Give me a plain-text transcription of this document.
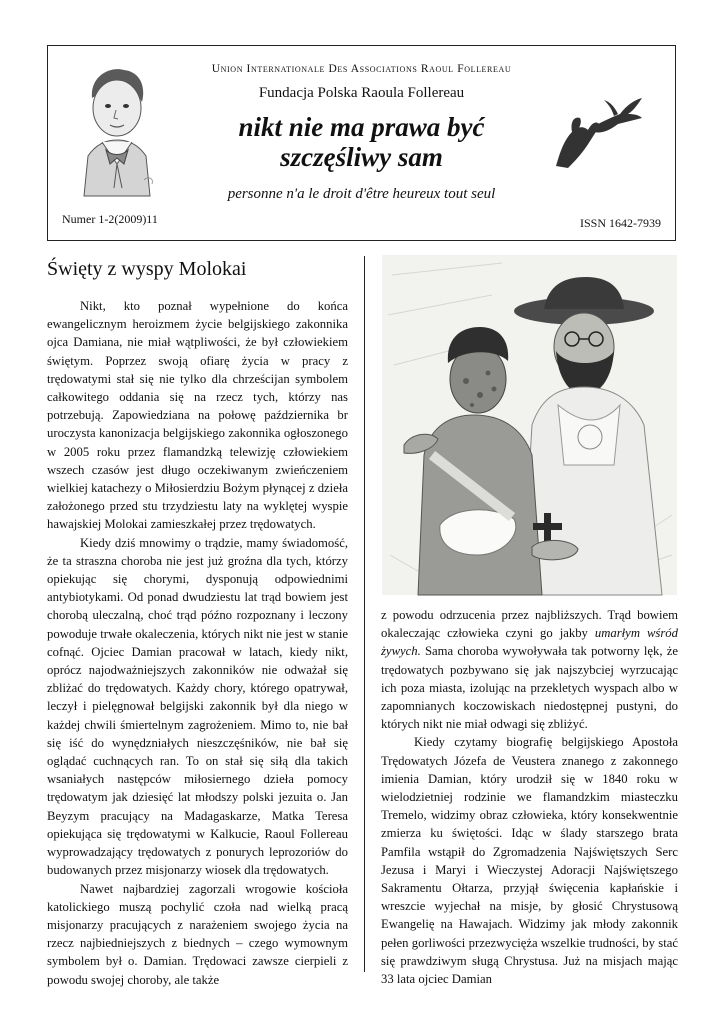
Union Internationale Des Associations Raoul Follereau
Fundacja Polska Raoula Follereau
nikt nie ma prawa być
szczęśliwy sam
personne n'a le droit d'être heureux tout seul
Numer 1-2(2009)11	ISSN 1642-7939
Święty z wyspy Molokai

Nikt, kto poznał wypełnione do końca ewangelicznym heroizmem życie belgijskiego zakonnika ojca Damiana, nie miał wątpliwości, że był człowiekiem świętym. Poprzez swoją ofiarę życia w pracy z trędowatymi stał się nie tylko dla chrześcijan symbolem całkowitego oddania się na rzecz tych, którzy nas potrzebują. Zapowiedziana na połowę października br uroczysta kanonizacja belgijskiego zakonnika ogłoszonego w 2005 roku przez flamandzką telewizję człowiekiem wszech czasów jest długo oczekiwanym zwieńczeniem wielkiej katachezy o Miłosierdziu Bożym płynącej z dzieła założonego przed stu trzydziestu laty na wyklętej wyspie hawajskiej Molokai zamieszkałej przez trędowatych.

Kiedy dziś mnowimy o trądzie, mamy świadomość, że ta straszna choroba nie jest już groźna dla tych, którzy opiekując się chorymi, dysponują odpowiednimi antybiotykami. Od ponad dwudziestu lat trąd bowiem jest chorobą uleczalną, choć trąd późno rozpoznany i leczony powoduje trwałe okaleczenia, których nikt nie jest w stanie cofnąć. Ojciec Damian pracował w latach, kiedy nikt, oprócz najodważniejszych zakonników nie odważał się zbliżać do trędowatych. Każdy chory, którego opatrywał, leczył i pielęgnował belgijski zakonnik był dla niego w każdej chwili śmiertelnym zagrożeniem. Mimo to, nie bał się iść do wynędzniałych nieszczęśników, nie bał się oglądać cuchnących ran. To on stał się siłą dla takich wsaniałych następców miłosiernego dzieła pomocy trędowatym jak dziesięć lat młodszy polski jezuita o. Jan Beyzym pracujący na Madagaskarze, Matka Teresa opiekująca się trędowatymi w Kalkucie, Raoul Follereau wyprowadzający trędowatych z ponurych leprozoriów do budowanych przez misjonarzy wiosek dla trędowatych.

Nawet najbardziej zagorzali wrogowie kościoła katolickiego muszą pochylić czoła nad wielką pracą misjonarzy pracujących z narażeniem swojego życia na rzecz najbiedniejszych z biednych – czego wymownym symbolem był o. Damian. Trędowaci zawsze cierpieli z powodu swojej choroby, ale także

z powodu odrzucenia przez najbliższych. Trąd bowiem okaleczając człowieka czyni go jakby umarłym wśród żywych. Sama choroba wywoływała tak potworny lęk, że trędowatych pozbywano się jak najszybciej wyrzucając ich poza miasta, izolując na przekletych wyspach albo w zapomnianych koczowiskach niedostępnej pustyni, do których nikt nie miał odwagi się zbliżyć.

Kiedy czytamy biografię belgijskiego Apostoła Trędowatych Józefa de Veustera znanego z zakonnego imienia Damian, który urodził się w 1840 roku w wielodzietniej rodzinie we flamandzkim miasteczku Tremelo, widzimy obraz człowieka, który konsekwentnie zmierza ku świętości. Idąc w ślady starszego brata Pamfila wstąpił do Zgromadzenia Najświętszych Serc Jezusa i Maryi i Wieczystej Adoracji Najświętszego Sakramentu Ołtarza, przyjął święcenia kapłańskie i wreszcie wyjechał na misje, by głosić Chrystusową Ewangelię na Hawajach. Widzimy jak młody zakonnik pełen gorliwości przezwycięża wszelkie trudności, by stać się prawdziwym sługą Chrystusa. Już na misjach mając 33 lata ojciec Damian
